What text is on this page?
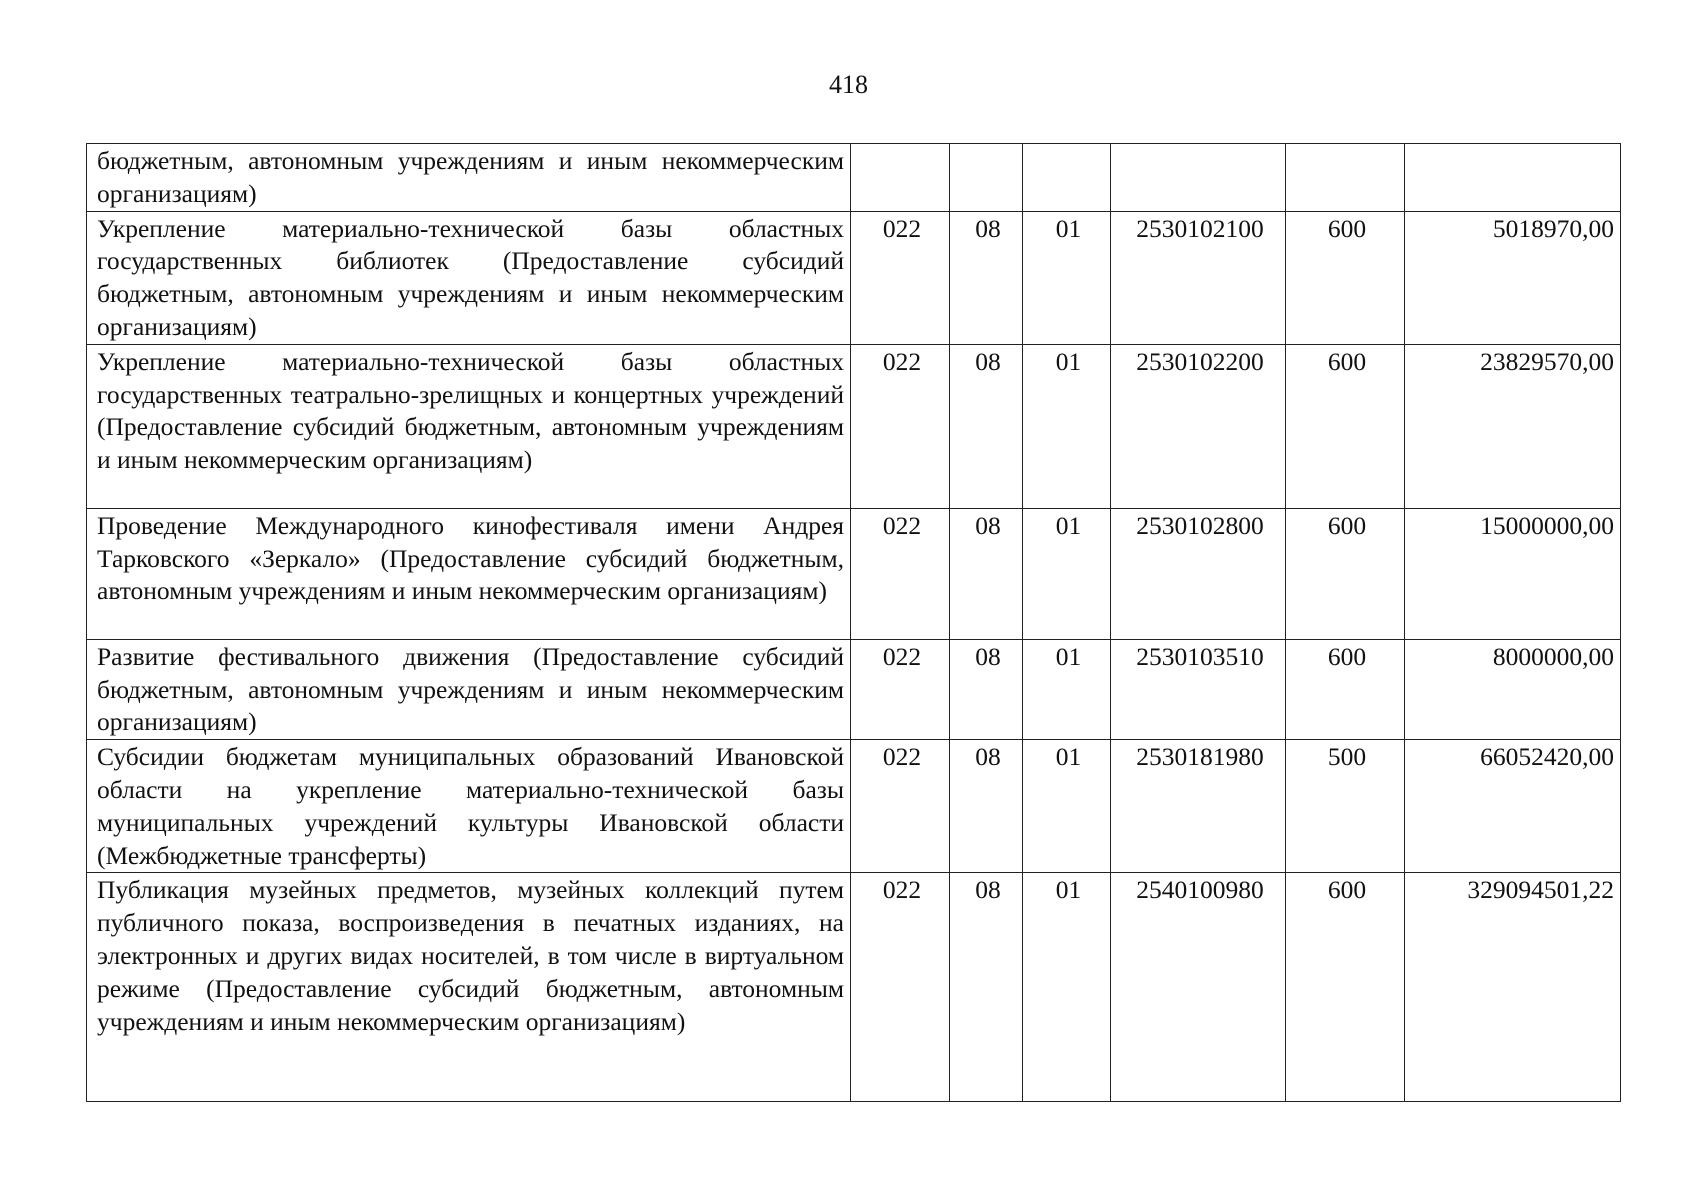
418
бюджетным, автономным учреждениям и иным некоммерческим организациям)						
Укрепление материально-технической базы областных государственных библиотек (Предоставление субсидий бюджетным, автономным учреждениям и иным некоммерческим организациям)	022	08	01	2530102100	600	5018970,00
Укрепление материально-технической базы областных государственных театрально-зрелищных и концертных учреждений (Предоставление субсидий бюджетным, автономным учреждениям и иным некоммерческим организациям)	022	08	01	2530102200	600	23829570,00
Проведение Международного кинофестиваля имени Андрея Тарковского «Зеркало» (Предоставление субсидий бюджетным, автономным учреждениям и иным некоммерческим организациям)	022	08	01	2530102800	600	15000000,00
Развитие фестивального движения (Предоставление субсидий бюджетным, автономным учреждениям и иным некоммерческим организациям)	022	08	01	2530103510	600	8000000,00
Субсидии бюджетам муниципальных образований Ивановской области на укрепление материально-технической базы муниципальных учреждений культуры Ивановской области (Межбюджетные трансферты)	022	08	01	2530181980	500	66052420,00
Публикация музейных предметов, музейных коллекций путем публичного показа, воспроизведения в печатных изданиях, на электронных и других видах носителей, в том числе в виртуальном режиме (Предоставление субсидий бюджетным, автономным учреждениям и иным некоммерческим организациям)	022	08	01	2540100980	600	329094501,22
